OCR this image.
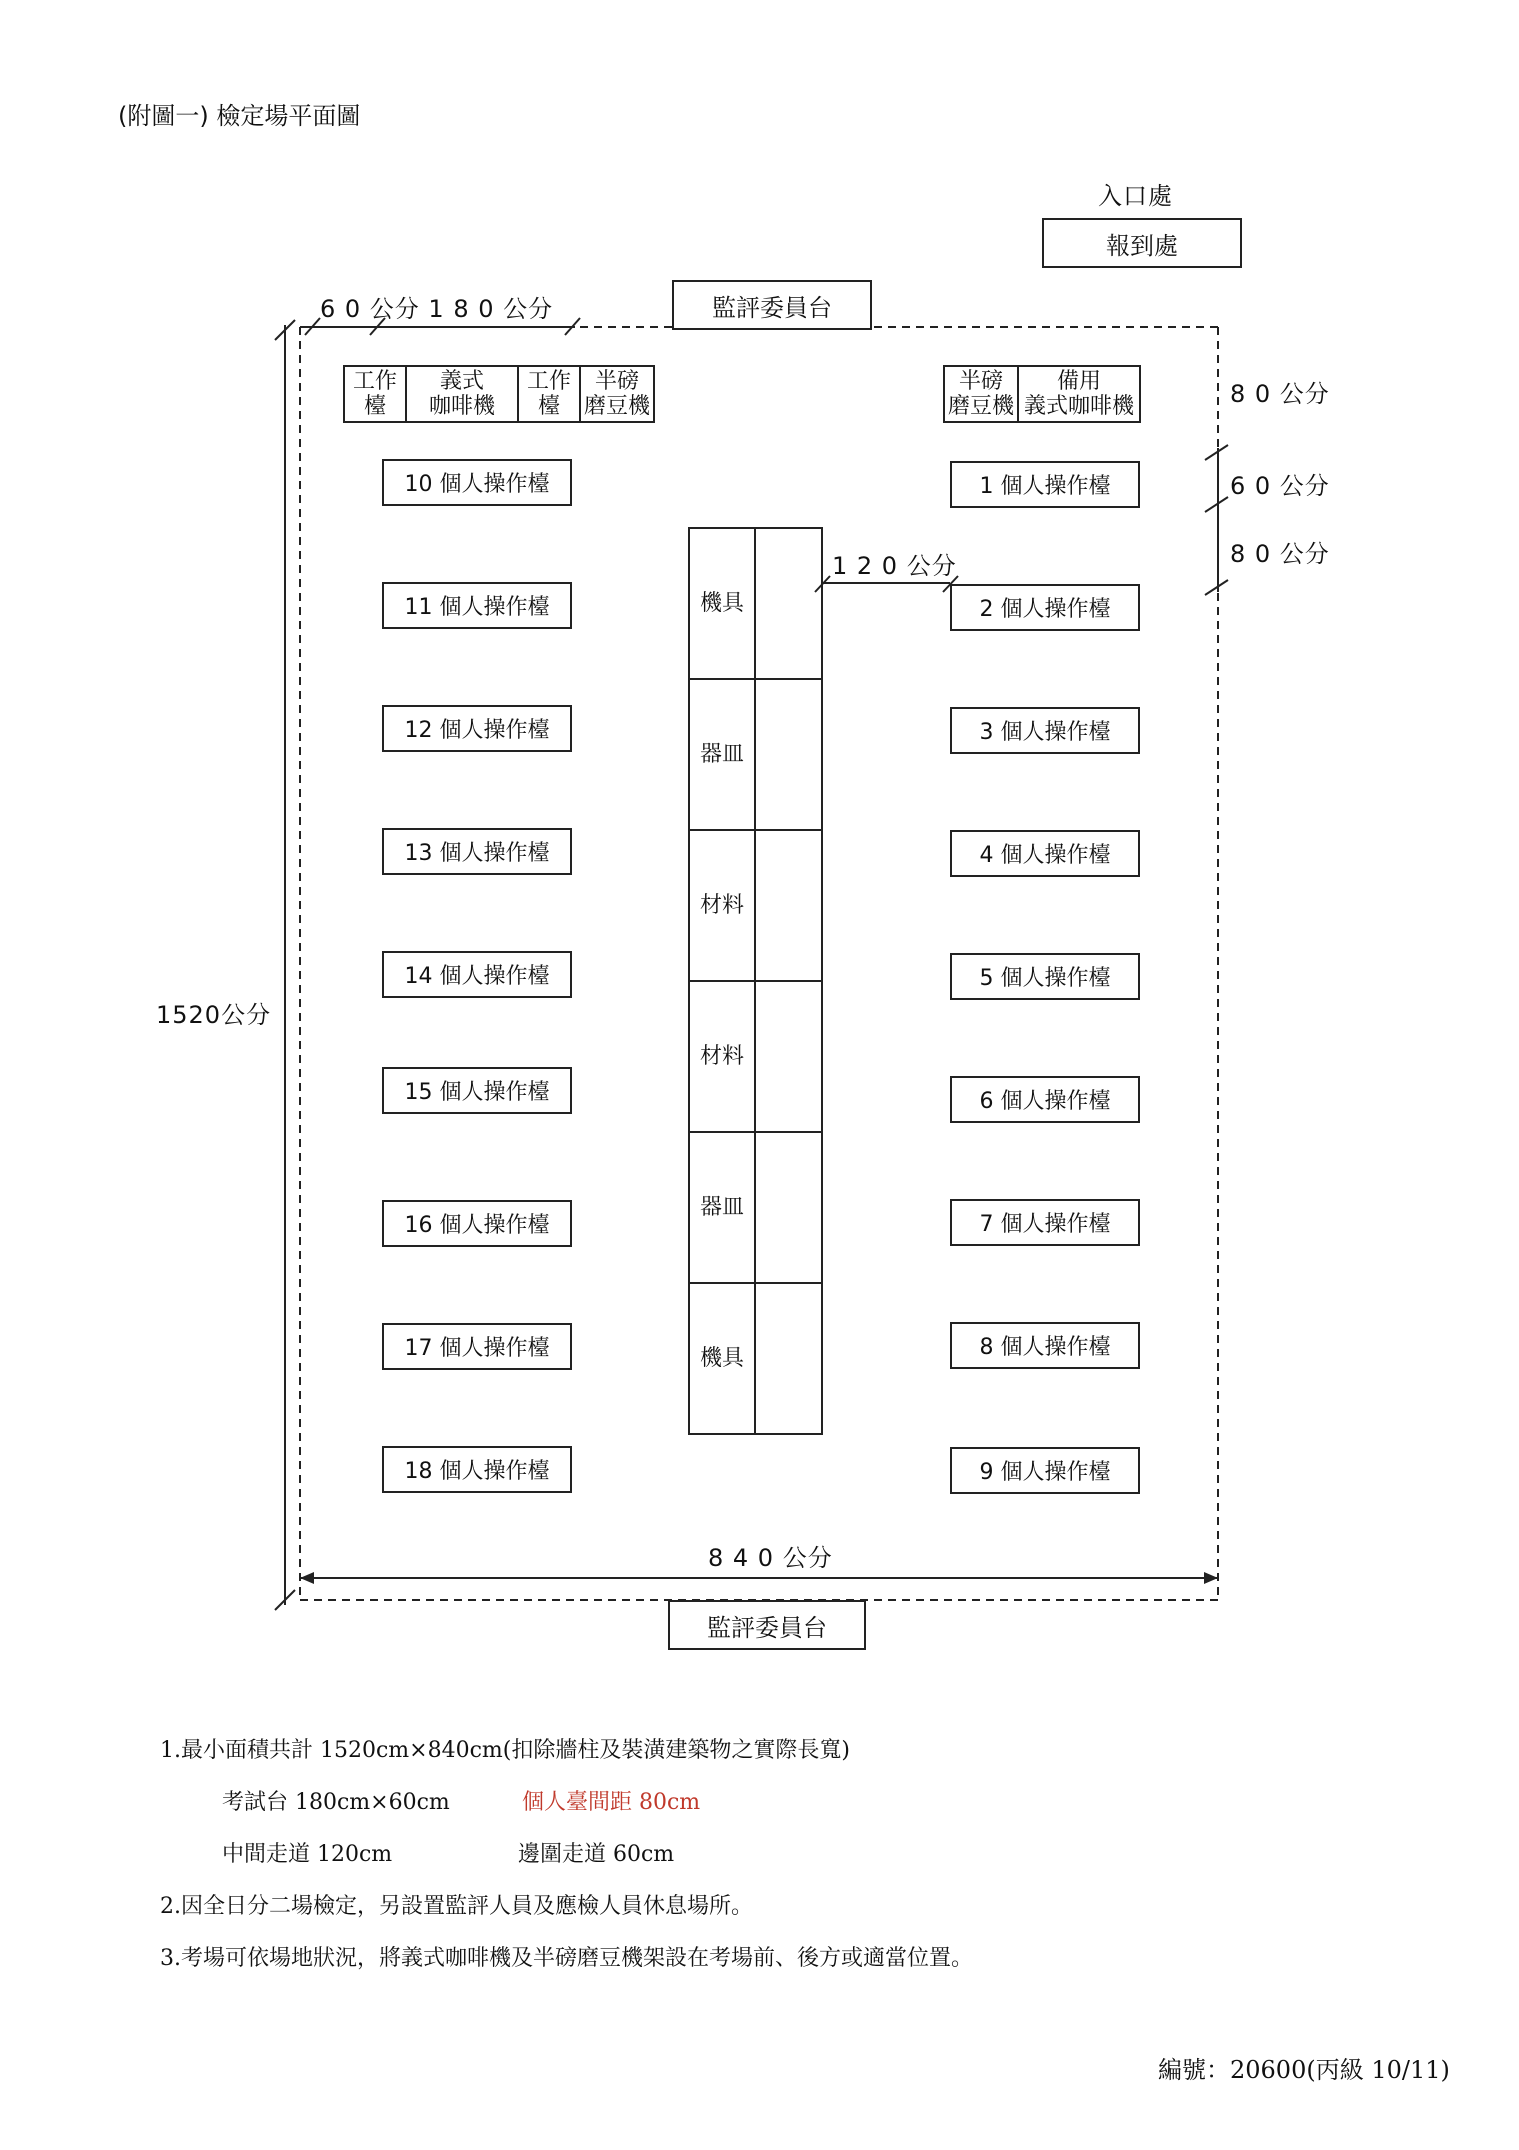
(附圖一) 檢定場平面圖
入口處
報到處
監評委員台
監評委員台
6 0 公分 1 8 0 公分
8 0 公分
6 0 公分
8 0 公分
1 2 0 公分
1520公分
8 4 0 公分
工作
檯
義式
咖啡機
工作
檯
半磅
磨豆機
半磅
磨豆機
備用
義式咖啡機
10 個人操作檯
11 個人操作檯
12 個人操作檯
13 個人操作檯
14 個人操作檯
15 個人操作檯
16 個人操作檯
17 個人操作檯
18 個人操作檯
1 個人操作檯
2 個人操作檯
3 個人操作檯
4 個人操作檯
5 個人操作檯
6 個人操作檯
7 個人操作檯
8 個人操作檯
9 個人操作檯
機具
器皿
材料
材料
器皿
機具
1.最小面積共計 1520cm×840cm(扣除牆柱及裝潢建築物之實際長寬)
考試台 180cm×60cm	個人臺間距 80cm
中間走道 120cm	邊圍走道 60cm
2.因全日分二場檢定，另設置監評人員及應檢人員休息場所。
3.考場可依場地狀況，將義式咖啡機及半磅磨豆機架設在考場前、後方或適當位置。
編號：20600(丙級 10/11)
